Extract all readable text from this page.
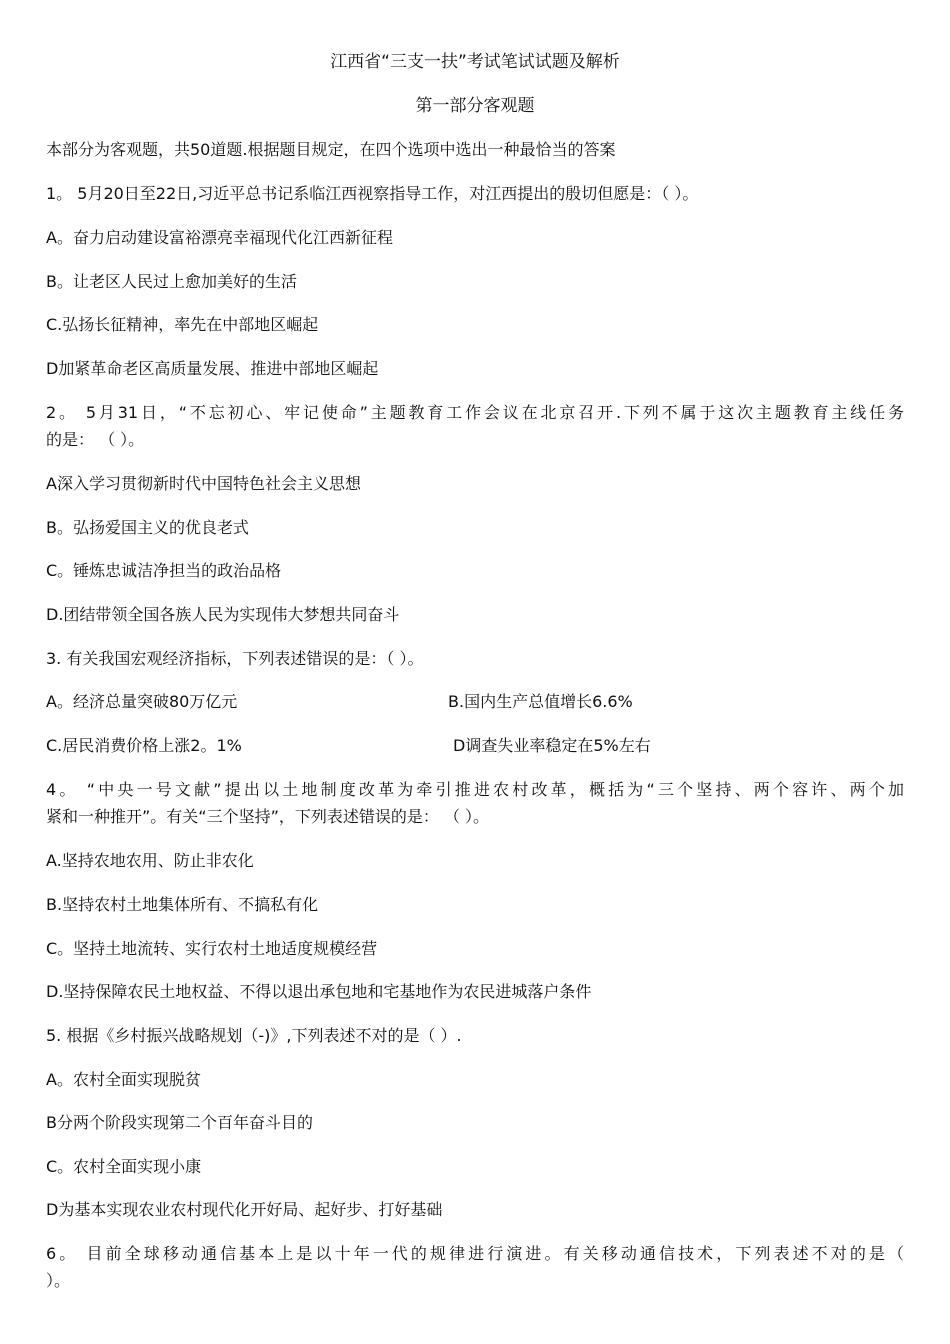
江西省“三支一扶”考试笔试试题及解析
第一部分客观题
本部分为客观题，共50道题.根据题目规定，在四个选项中选出一种最恰当的答案
1。 5月20日至22日,习近平总书记系临江西视察指导工作，对江西提出的殷切但愿是：（ ）。
A。奋力启动建设富裕漂亮幸福现代化江西新征程
B。让老区人民过上愈加美好的生活
C.弘扬长征精神，率先在中部地区崛起
D加紧革命老区高质量发展、推进中部地区崛起
2。 5月31日，“不忘初心、牢记使命”主题教育工作会议在北京召开.下列不属于这次主题教育主线任务
的是： （ ）。
A深入学习贯彻新时代中国特色社会主义思想
B。弘扬爱国主义的优良老式
C。锤炼忠诚洁净担当的政治品格
D.团结带领全国各族人民为实现伟大梦想共同奋斗
3. 有关我国宏观经济指标，下列表述错误的是：（ ）。
A。经济总量突破80万亿元	B.国内生产总值增长6.6%
C.居民消费价格上涨2。1%	D调查失业率稳定在5%左右
4。 “中央一号文献”提出以土地制度改革为牵引推进农村改革，概括为“三个坚持、两个容许、两个加
紧和一种推开”。有关“三个坚持”，下列表述错误的是： （ ）。
A.坚持农地农用、防止非农化
B.坚持农村土地集体所有、不搞私有化
C。坚持土地流转、实行农村土地适度规模经营
D.坚持保障农民土地权益、不得以退出承包地和宅基地作为农民进城落户条件
5. 根据《乡村振兴战略规划（-)》,下列表述不对的是（ ）.
A。农村全面实现脱贫
B分两个阶段实现第二个百年奋斗目的
C。农村全面实现小康
D为基本实现农业农村现代化开好局、起好步、打好基础
6。 目前全球移动通信基本上是以十年一代的规律进行演进。有关移动通信技术，下列表述不对的是（
）。
